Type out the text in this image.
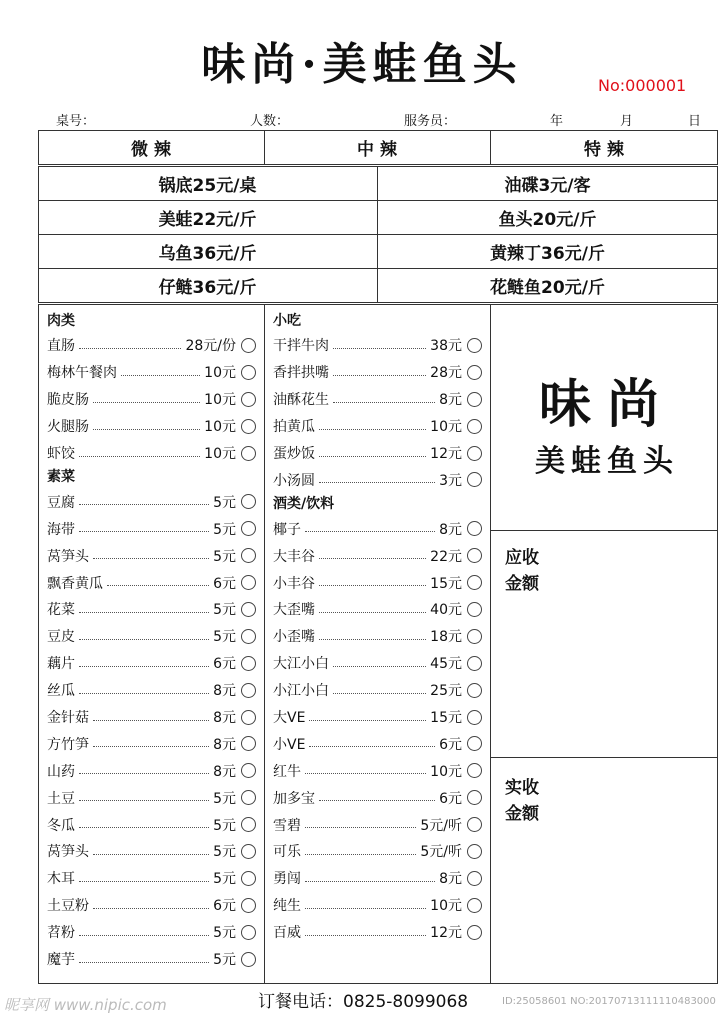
味尚·美蛙鱼头	No:000001
桌号：	人数：	服务员：	年	月	日
微 辣	中 辣	特 辣
锅底25元/桌	油碟3元/客
美蛙22元/斤	鱼头20元/斤
乌鱼36元/斤	黄辣丁36元/斤
仔鲢36元/斤	花鲢鱼20元/斤
肉类
直肠	28元/份
梅林午餐肉	10元
脆皮肠	10元
火腿肠	10元
虾饺	10元
素菜
豆腐	5元
海带	5元
莴笋头	5元
飘香黄瓜	6元
花菜	5元
豆皮	5元
藕片	6元
丝瓜	8元
金针菇	8元
方竹笋	8元
山药	8元
土豆	5元
冬瓜	5元
莴笋头	5元
木耳	5元
土豆粉	6元
苕粉	5元
魔芋	5元
小吃
干拌牛肉	38元
香拌拱嘴	28元
油酥花生	8元
拍黄瓜	10元
蛋炒饭	12元
小汤圆	3元
酒类/饮料
椰子	8元
大丰谷	22元
小丰谷	15元
大歪嘴	40元
小歪嘴	18元
大江小白	45元
小江小白	25元
大VE	15元
小VE	6元
红牛	10元
加多宝	6元
雪碧	5元/听
可乐	5元/听
勇闯	8元
纯生	10元
百威	12元
味尚
美蛙鱼头
应收
金额
实收
金额
订餐电话：0825-8099068
昵享网 www.nipic.com	ID:25058601 NO:20170713111110483000
